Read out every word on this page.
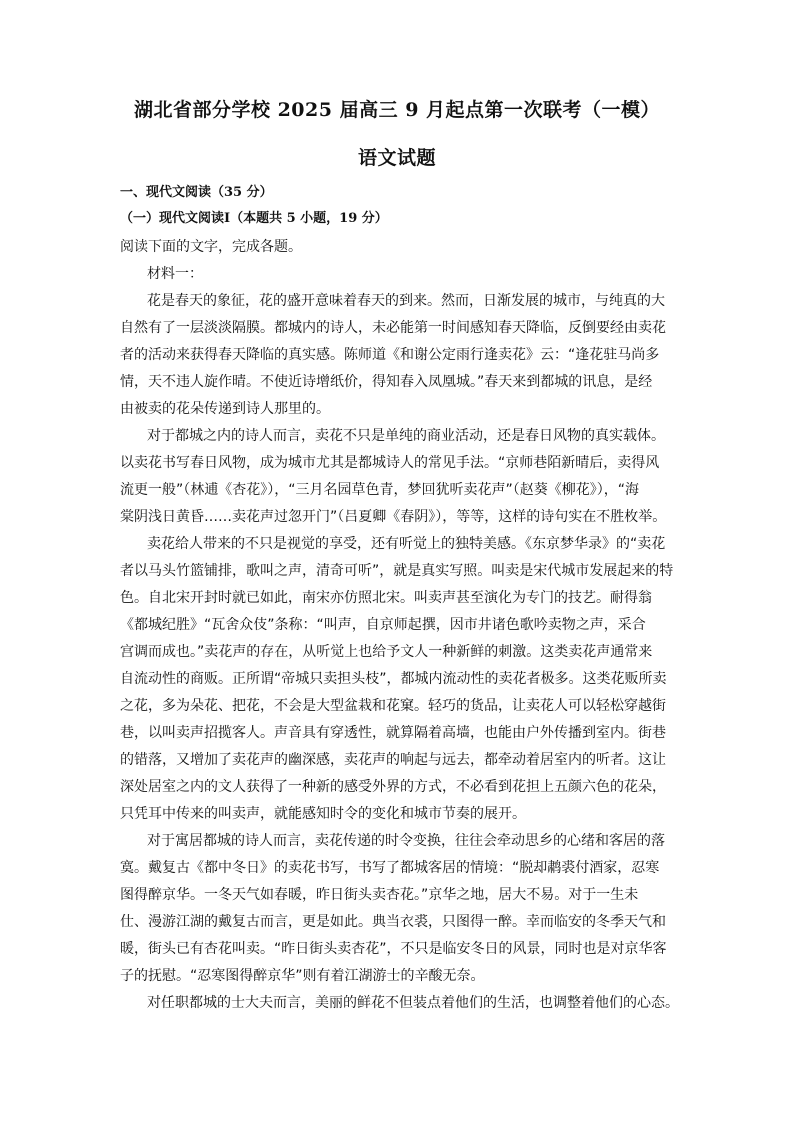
湖北省部分学校 2025 届高三 9 月起点第一次联考（一模）
语文试题
一、现代文阅读（35 分）
（一）现代文阅读Ⅰ（本题共 5 小题，19 分）
阅读下面的文字，完成各题。
材料一：
花是春天的象征，花的盛开意味着春天的到来。然而，日渐发展的城市，与纯真的大
自然有了一层淡淡隔膜。都城内的诗人，未必能第一时间感知春天降临，反倒要经由卖花
者的活动来获得春天降临的真实感。陈师道《和谢公定雨行逢卖花》云：“逢花驻马尚多
情，天不违人旋作晴。不使近诗增纸价，得知春入凤凰城。”春天来到都城的讯息，是经
由被卖的花朵传递到诗人那里的。
对于都城之内的诗人而言，卖花不只是单纯的商业活动，还是春日风物的真实载体。
以卖花书写春日风物，成为城市尤其是都城诗人的常见手法。“京师巷陌新晴后，卖得风
流更一般”（林逋《杏花》），“三月名园草色青，梦回犹听卖花声”（赵葵《柳花》），“海
棠阴浅日黄昏……卖花声过忽开门”（吕夏卿《春阴》），等等，这样的诗句实在不胜枚举。
卖花给人带来的不只是视觉的享受，还有听觉上的独特美感。《东京梦华录》的“卖花
者以马头竹篮铺排，歌叫之声，清奇可听”，就是真实写照。叫卖是宋代城市发展起来的特
色。自北宋开封时就已如此，南宋亦仿照北宋。叫卖声甚至演化为专门的技艺。耐得翁
《都城纪胜》“瓦舍众伎”条称：“叫声，自京师起撰，因市井诸色歌吟卖物之声，采合
宫调而成也。”卖花声的存在，从听觉上也给予文人一种新鲜的刺激。这类卖花声通常来
自流动性的商贩。正所谓“帝城只卖担头枝”，都城内流动性的卖花者极多。这类花贩所卖
之花，多为朵花、把花，不会是大型盆栽和花窠。轻巧的货品，让卖花人可以轻松穿越街
巷，以叫卖声招揽客人。声音具有穿透性，就算隔着高墙，也能由户外传播到室内。街巷
的错落，又增加了卖花声的幽深感，卖花声的响起与远去，都牵动着居室内的听者。这让
深处居室之内的文人获得了一种新的感受外界的方式，不必看到花担上五颜六色的花朵，
只凭耳中传来的叫卖声，就能感知时令的变化和城市节奏的展开。
对于寓居都城的诗人而言，卖花传递的时令变换，往往会牵动思乡的心绪和客居的落
寞。戴复古《都中冬日》的卖花书写，书写了都城客居的情境：“脱却鹔裘付酒家，忍寒
图得醉京华。一冬天气如春暖，昨日街头卖杏花。”京华之地，居大不易。对于一生未
仕、漫游江湖的戴复古而言，更是如此。典当衣裘，只图得一醉。幸而临安的冬季天气和
暖，街头已有杏花叫卖。“昨日街头卖杏花”，不只是临安冬日的风景，同时也是对京华客
子的抚慰。“忍寒图得醉京华”则有着江湖游士的辛酸无奈。
对任职都城的士大夫而言，美丽的鲜花不但装点着他们的生活，也调整着他们的心态。
